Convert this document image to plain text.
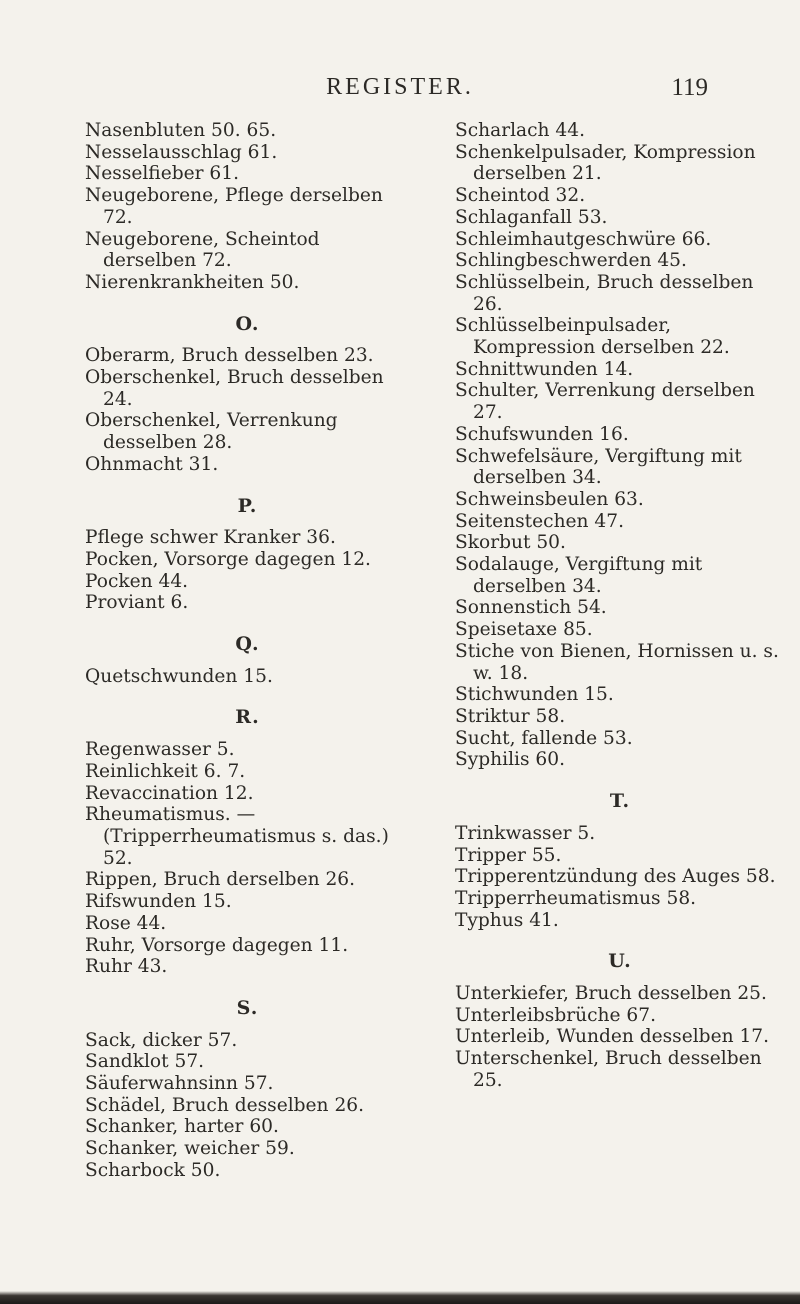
REGISTER.	119
Nasenbluten 50. 65.
Nesselausschlag 61.
Nesselfieber 61.
Neugeborene, Pflege derselben 72.
Neugeborene, Scheintod derselben 72.
Nierenkrankheiten 50.
O.
Oberarm, Bruch desselben 23.
Oberschenkel, Bruch desselben 24.
Oberschenkel, Verrenkung desselben 28.
Ohnmacht 31.
P.
Pflege schwer Kranker 36.
Pocken, Vorsorge dagegen 12.
Pocken 44.
Proviant 6.
Q.
Quetschwunden 15.
R.
Regenwasser 5.
Reinlichkeit 6. 7.
Revaccination 12.
Rheumatismus. — (Tripperrheumatismus s. das.) 52.
Rippen, Bruch derselben 26.
Rifswunden 15.
Rose 44.
Ruhr, Vorsorge dagegen 11.
Ruhr 43.
S.
Sack, dicker 57.
Sandklot 57.
Säuferwahnsinn 57.
Schädel, Bruch desselben 26.
Schanker, harter 60.
Schanker, weicher 59.
Scharbock 50.
Scharlach 44.
Schenkelpulsader, Kompression derselben 21.
Scheintod 32.
Schlaganfall 53.
Schleimhautgeschwüre 66.
Schlingbeschwerden 45.
Schlüsselbein, Bruch desselben 26.
Schlüsselbeinpulsader, Kompression derselben 22.
Schnittwunden 14.
Schulter, Verrenkung derselben 27.
Schufswunden 16.
Schwefelsäure, Vergiftung mit derselben 34.
Schweinsbeulen 63.
Seitenstechen 47.
Skorbut 50.
Sodalauge, Vergiftung mit derselben 34.
Sonnenstich 54.
Speisetaxe 85.
Stiche von Bienen, Hornissen u. s. w. 18.
Stichwunden 15.
Striktur 58.
Sucht, fallende 53.
Syphilis 60.
T.
Trinkwasser 5.
Tripper 55.
Tripperentzündung des Auges 58.
Tripperrheumatismus 58.
Typhus 41.
U.
Unterkiefer, Bruch desselben 25.
Unterleibsbrüche 67.
Unterleib, Wunden desselben 17.
Unterschenkel, Bruch desselben 25.
